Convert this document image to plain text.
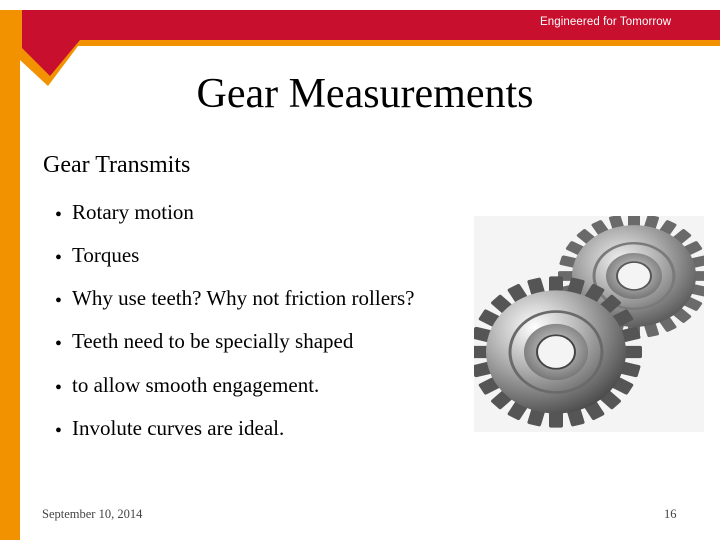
Engineered for Tomorrow
Gear Measurements
Gear Transmits
● Rotary motion
● Torques
● Why use teeth? Why not friction rollers?
● Teeth need to be specially shaped
● to allow smooth engagement.
● Involute curves are ideal.
September 10, 2014	16
